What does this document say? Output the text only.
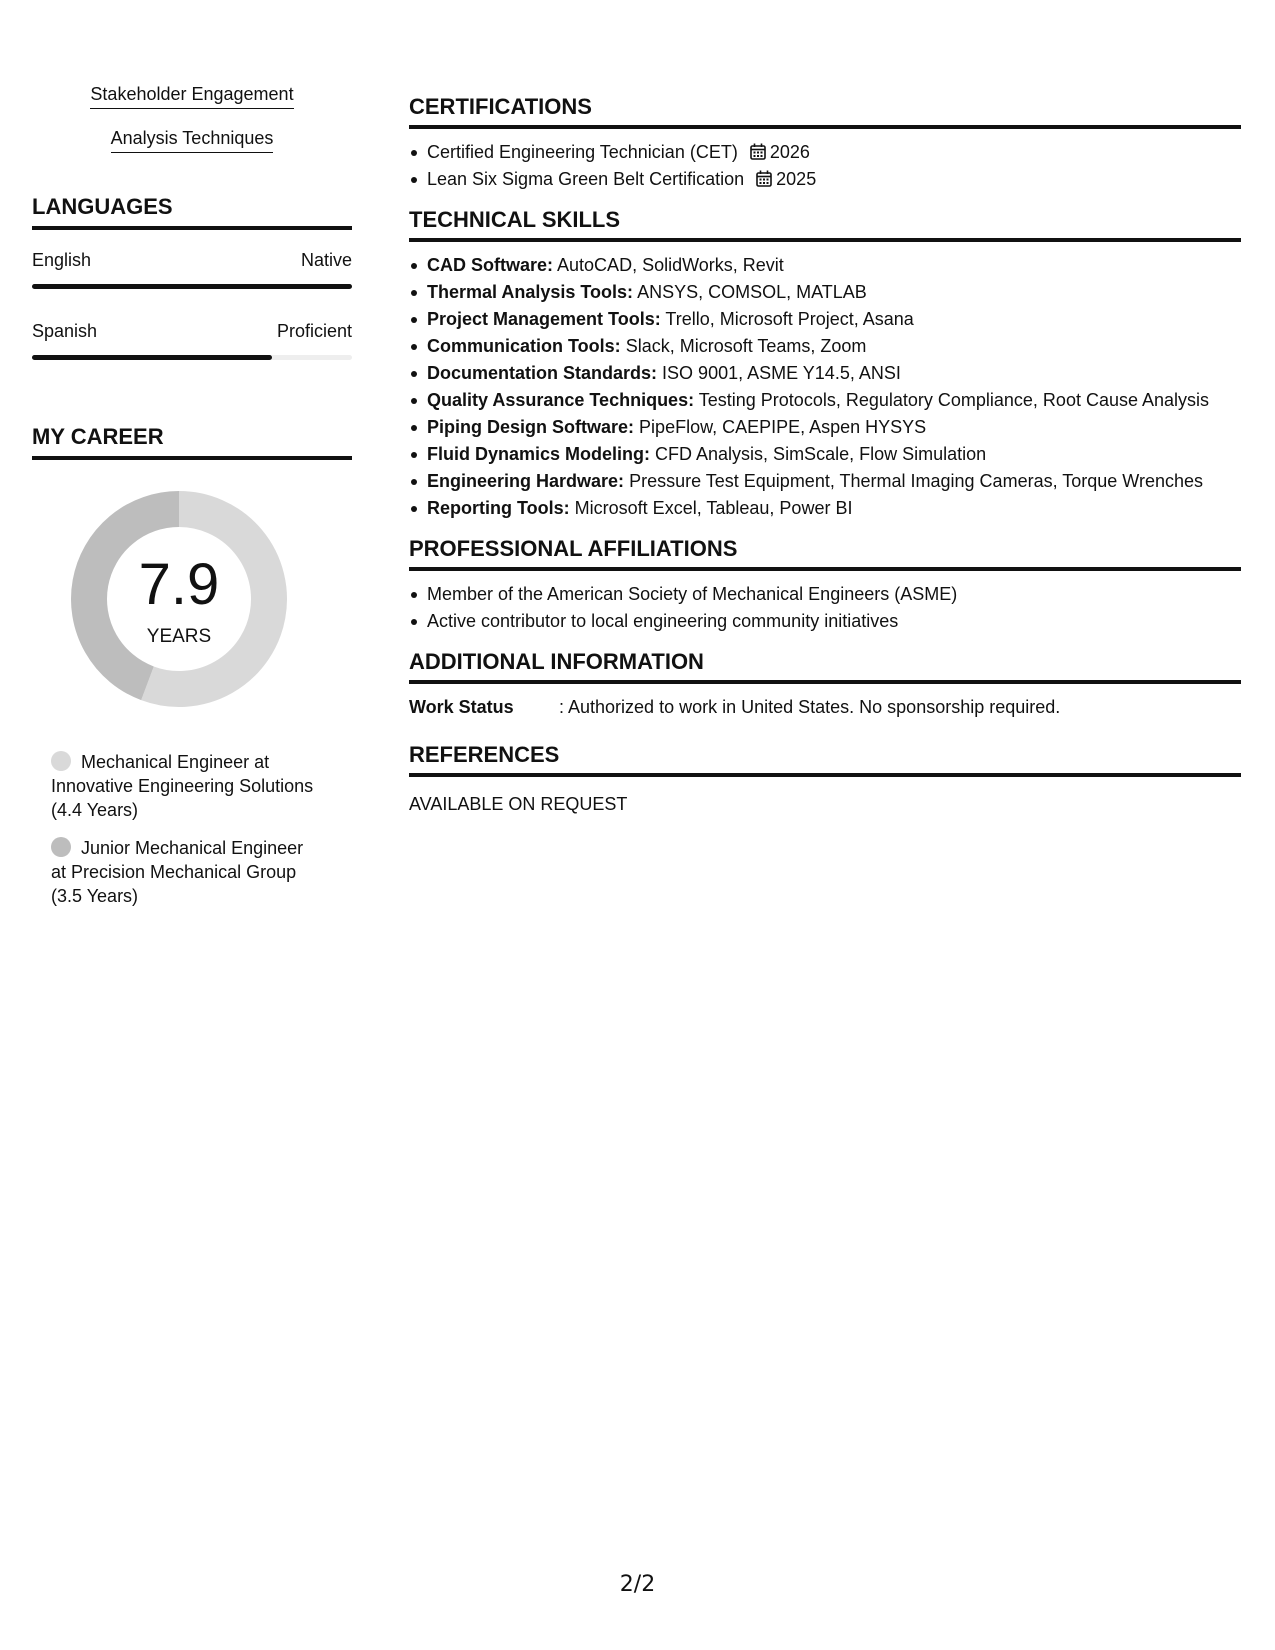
Stakeholder Engagement
Analysis Techniques
LANGUAGES
English	Native
Spanish	Proficient
MY CAREER
7.9
YEARS
Mechanical Engineer at Innovative Engineering Solutions (4.4 Years)
Junior Mechanical Engineer at Precision Mechanical Group (3.5 Years)
CERTIFICATIONS
Certified Engineering Technician (CET) 2026
Lean Six Sigma Green Belt Certification 2025
TECHNICAL SKILLS
CAD Software: AutoCAD, SolidWorks, Revit
Thermal Analysis Tools: ANSYS, COMSOL, MATLAB
Project Management Tools: Trello, Microsoft Project, Asana
Communication Tools: Slack, Microsoft Teams, Zoom
Documentation Standards: ISO 9001, ASME Y14.5, ANSI
Quality Assurance Techniques: Testing Protocols, Regulatory Compliance, Root Cause Analysis
Piping Design Software: PipeFlow, CAEPIPE, Aspen HYSYS
Fluid Dynamics Modeling: CFD Analysis, SimScale, Flow Simulation
Engineering Hardware: Pressure Test Equipment, Thermal Imaging Cameras, Torque Wrenches
Reporting Tools: Microsoft Excel, Tableau, Power BI
PROFESSIONAL AFFILIATIONS
Member of the American Society of Mechanical Engineers (ASME)
Active contributor to local engineering community initiatives
ADDITIONAL INFORMATION
Work Status	: Authorized to work in United States. No sponsorship required.
REFERENCES
AVAILABLE ON REQUEST
2/2
